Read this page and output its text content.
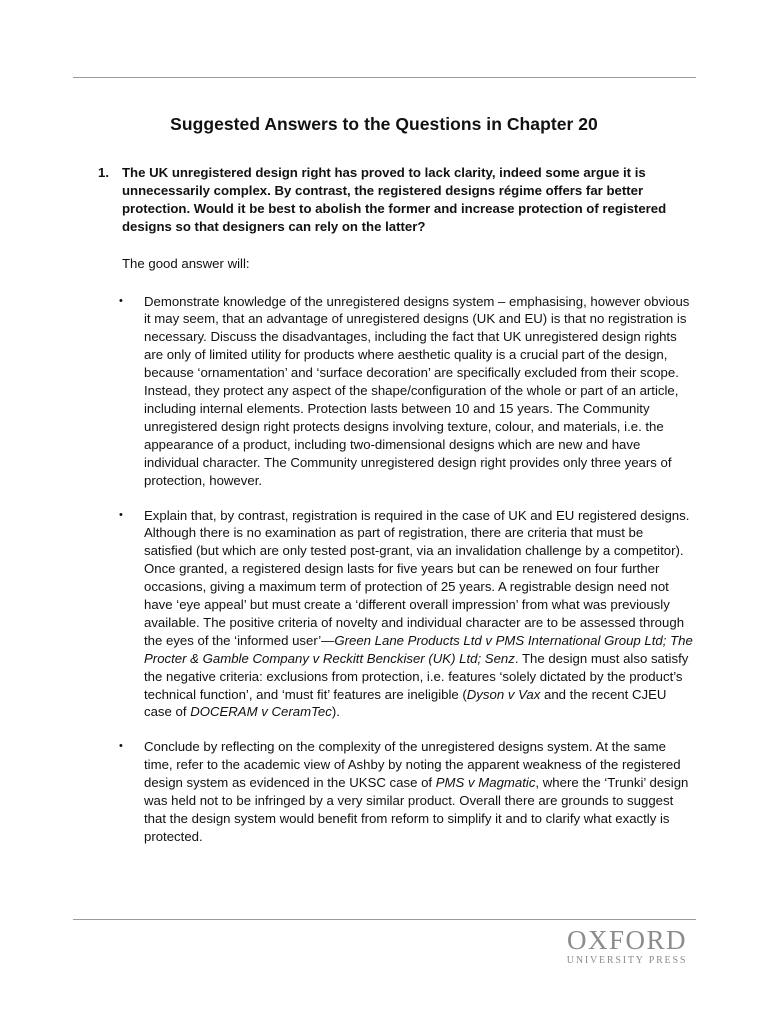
Suggested Answers to the Questions in Chapter 20
1. The UK unregistered design right has proved to lack clarity, indeed some argue it is unnecessarily complex. By contrast, the registered designs régime offers far better protection. Would it be best to abolish the former and increase protection of registered designs so that designers can rely on the latter?
The good answer will:
•	Demonstrate knowledge of the unregistered designs system – emphasising, however obvious it may seem, that an advantage of unregistered designs (UK and EU) is that no registration is necessary. Discuss the disadvantages, including the fact that UK unregistered design rights are only of limited utility for products where aesthetic quality is a crucial part of the design, because ‘ornamentation’ and ‘surface decoration’ are specifically excluded from their scope. Instead, they protect any aspect of the shape/configuration of the whole or part of an article, including internal elements. Protection lasts between 10 and 15 years. The Community unregistered design right protects designs involving texture, colour, and materials, i.e. the appearance of a product, including two-dimensional designs which are new and have individual character. The Community unregistered design right provides only three years of protection, however.
•	Explain that, by contrast, registration is required in the case of UK and EU registered designs. Although there is no examination as part of registration, there are criteria that must be satisfied (but which are only tested post-grant, via an invalidation challenge by a competitor). Once granted, a registered design lasts for five years but can be renewed on four further occasions, giving a maximum term of protection of 25 years. A registrable design need not have ‘eye appeal’ but must create a ‘different overall impression’ from what was previously available. The positive criteria of novelty and individual character are to be assessed through the eyes of the ‘informed user’—Green Lane Products Ltd v PMS International Group Ltd; The Procter & Gamble Company v Reckitt Benckiser (UK) Ltd; Senz. The design must also satisfy the negative criteria: exclusions from protection, i.e. features ‘solely dictated by the product’s technical function’, and ‘must fit’ features are ineligible (Dyson v Vax and the recent CJEU case of DOCERAM v CeramTec).
•	Conclude by reflecting on the complexity of the unregistered designs system. At the same time, refer to the academic view of Ashby by noting the apparent weakness of the registered design system as evidenced in the UKSC case of PMS v Magmatic, where the ‘Trunki’ design was held not to be infringed by a very similar product. Overall there are grounds to suggest that the design system would benefit from reform to simplify it and to clarify what exactly is protected.
OXFORD
UNIVERSITY PRESS
